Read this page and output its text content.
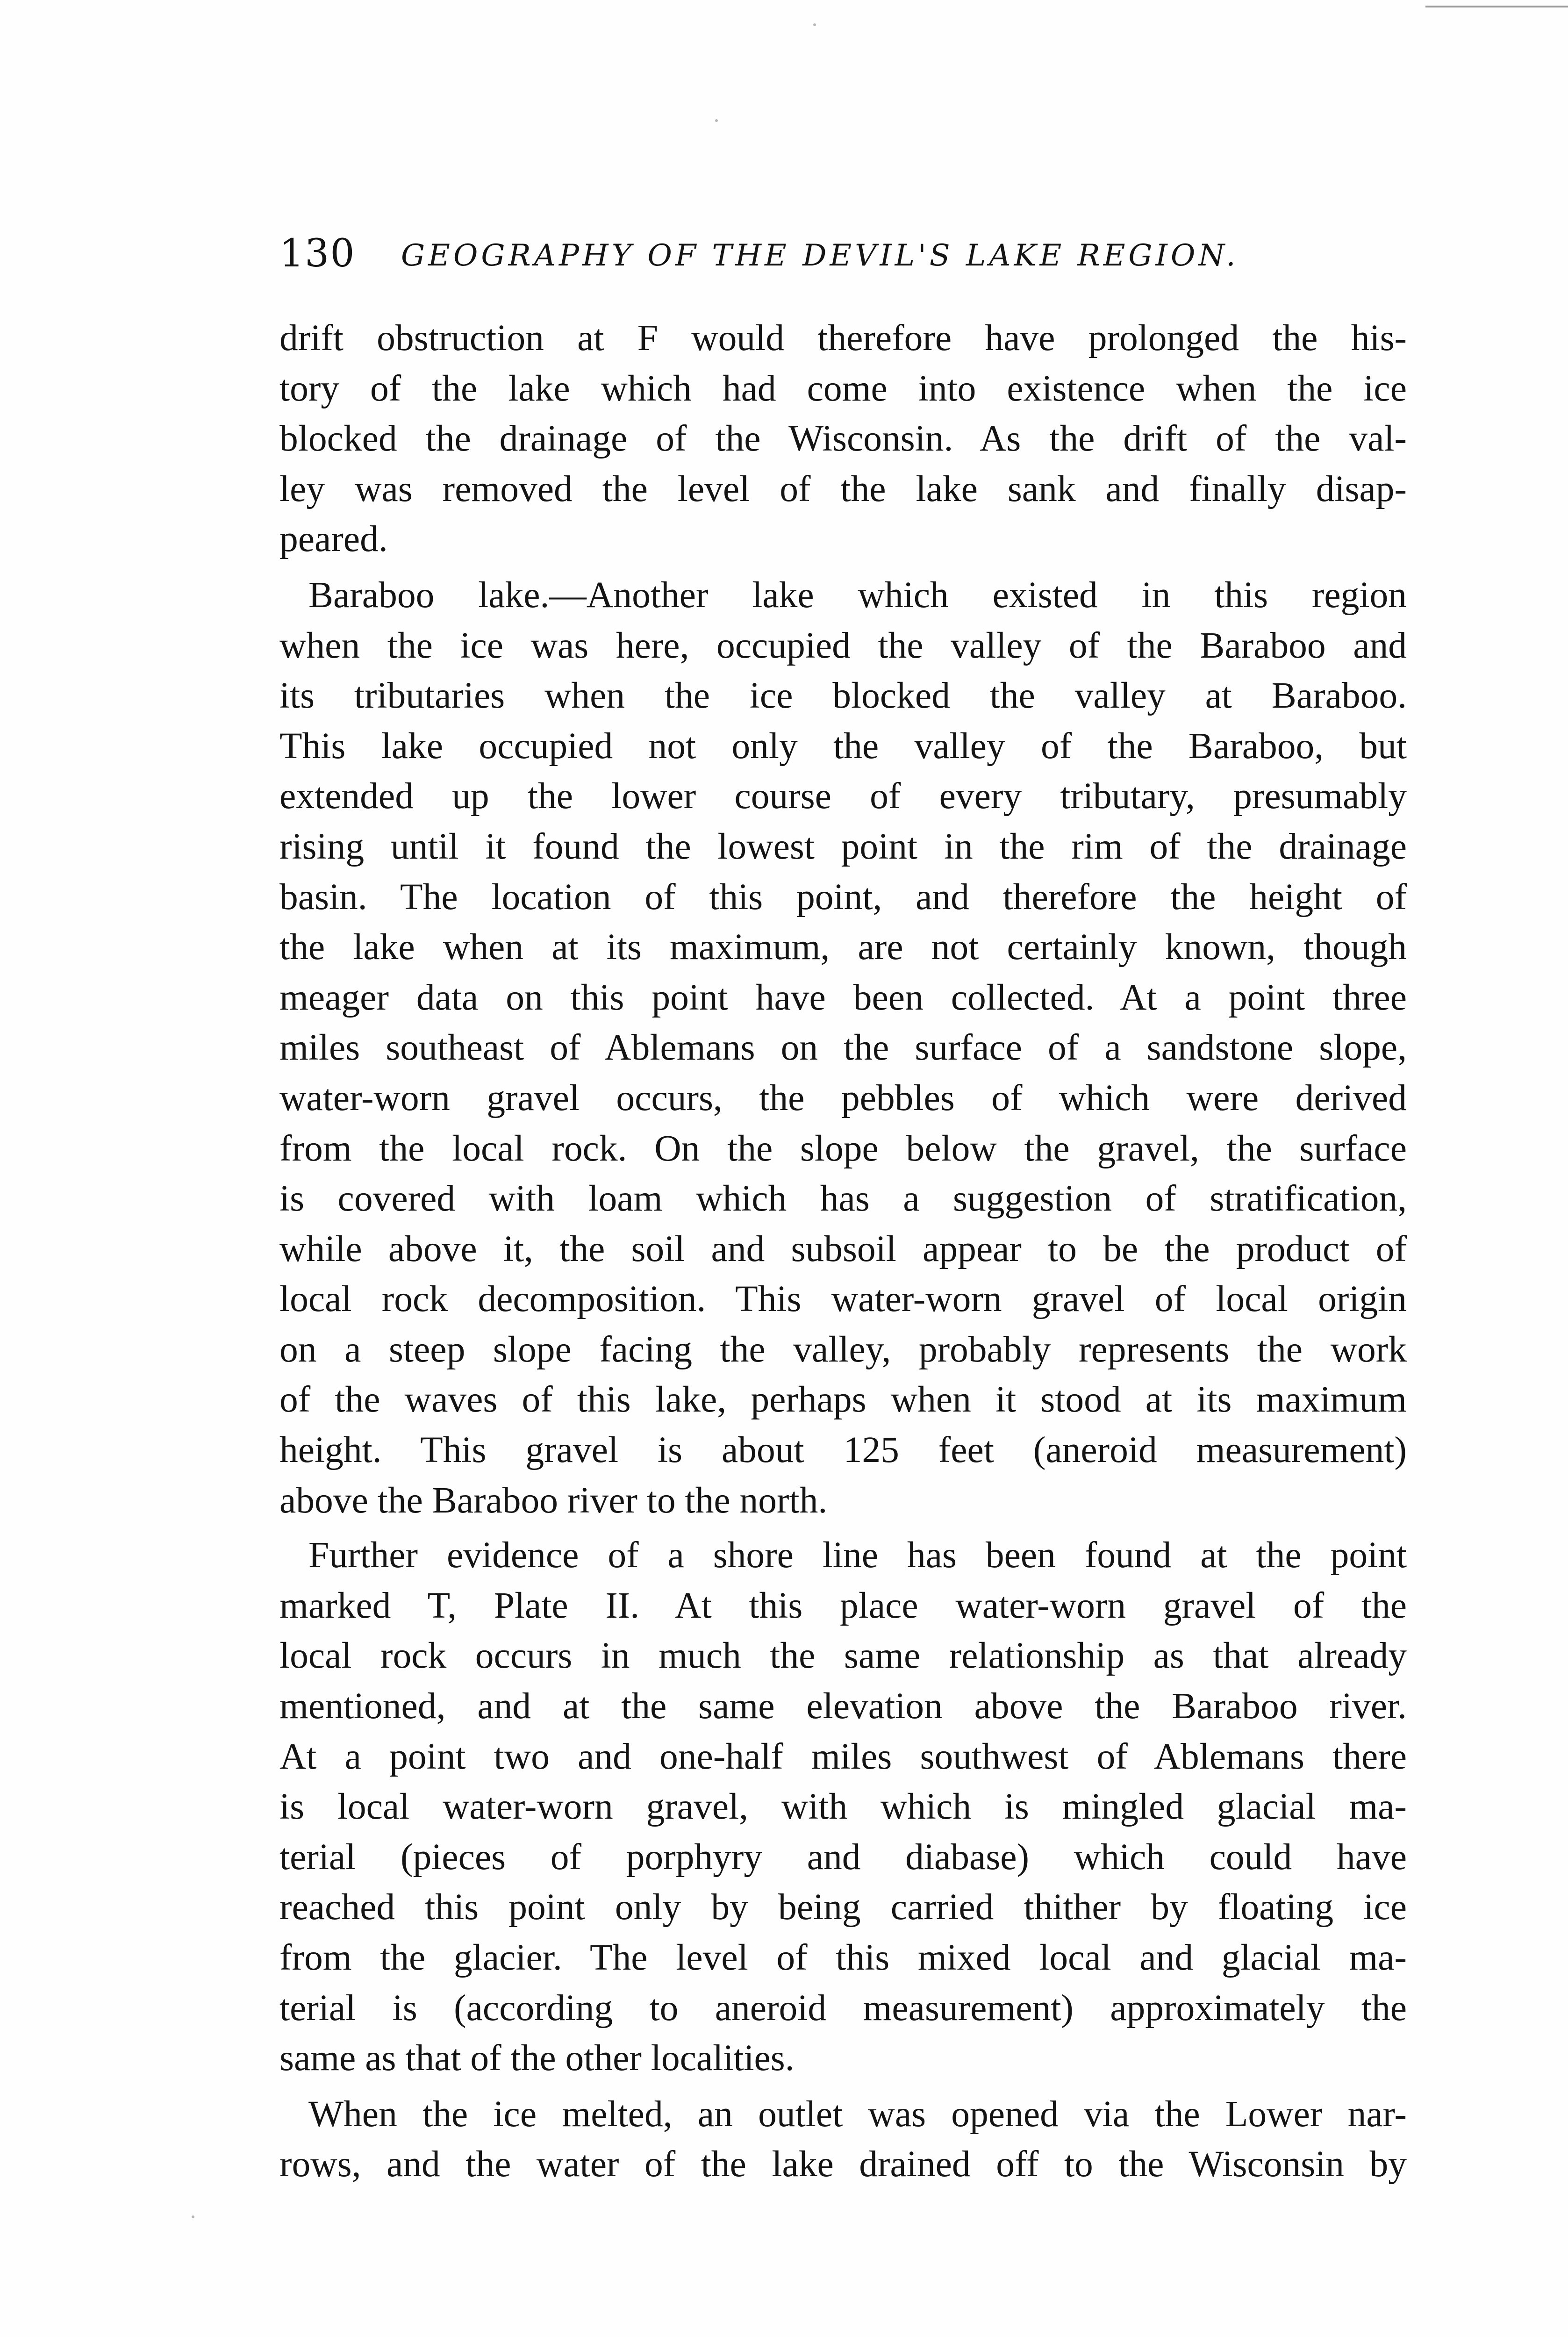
130 GEOGRAPHY OF THE DEVIL'S LAKE REGION.
drift obstruction at F would therefore have prolonged the his-
tory of the lake which had come into existence when the ice
blocked the drainage of the Wisconsin. As the drift of the val-
ley was removed the level of the lake sank and finally disap-
peared.
Baraboo lake.—Another lake which existed in this region
when the ice was here, occupied the valley of the Baraboo and
its tributaries when the ice blocked the valley at Baraboo.
This lake occupied not only the valley of the Baraboo, but
extended up the lower course of every tributary, presumably
rising until it found the lowest point in the rim of the drainage
basin. The location of this point, and therefore the height of
the lake when at its maximum, are not certainly known, though
meager data on this point have been collected. At a point three
miles southeast of Ablemans on the surface of a sandstone slope,
water-worn gravel occurs, the pebbles of which were derived
from the local rock. On the slope below the gravel, the surface
is covered with loam which has a suggestion of stratification,
while above it, the soil and subsoil appear to be the product of
local rock decomposition. This water-worn gravel of local origin
on a steep slope facing the valley, probably represents the work
of the waves of this lake, perhaps when it stood at its maximum
height. This gravel is about 125 feet (aneroid measurement)
above the Baraboo river to the north.
Further evidence of a shore line has been found at the point
marked T, Plate II. At this place water-worn gravel of the
local rock occurs in much the same relationship as that already
mentioned, and at the same elevation above the Baraboo river.
At a point two and one-half miles southwest of Ablemans there
is local water-worn gravel, with which is mingled glacial ma-
terial (pieces of porphyry and diabase) which could have
reached this point only by being carried thither by floating ice
from the glacier. The level of this mixed local and glacial ma-
terial is (according to aneroid measurement) approximately the
same as that of the other localities.
When the ice melted, an outlet was opened via the Lower nar-
rows, and the water of the lake drained off to the Wisconsin by
